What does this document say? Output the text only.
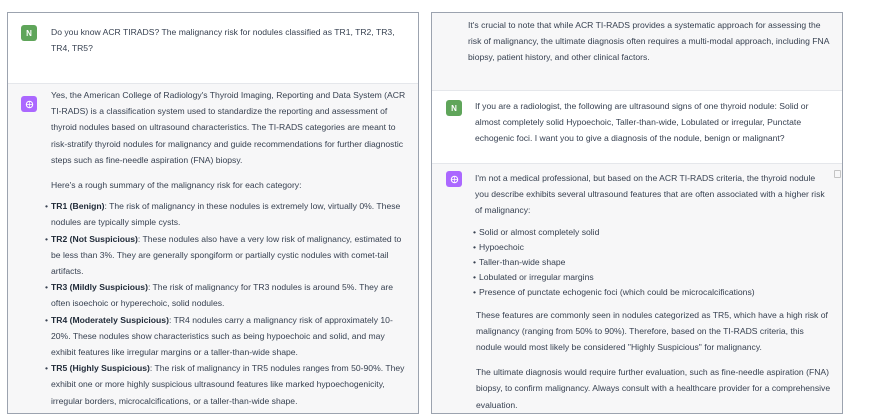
N	Do you know ACR TIRADS? The malignancy risk for nodules classified as TR1, TR2, TR3, TR4, TR5?

Yes, the American College of Radiology's Thyroid Imaging, Reporting and Data System (ACR TI-RADS) is a classification system used to standardize the reporting and assessment of thyroid nodules based on ultrasound characteristics. The TI-RADS categories are meant to risk-stratify thyroid nodules for malignancy and guide recommendations for further diagnostic steps such as fine-needle aspiration (FNA) biopsy.

Here's a rough summary of the malignancy risk for each category:

• TR1 (Benign): The risk of malignancy in these nodules is extremely low, virtually 0%. These nodules are typically simple cysts.
• TR2 (Not Suspicious): These nodules also have a very low risk of malignancy, estimated to be less than 3%. They are generally spongiform or partially cystic nodules with comet-tail artifacts.
• TR3 (Mildly Suspicious): The risk of malignancy for TR3 nodules is around 5%. They are often isoechoic or hyperechoic, solid nodules.
• TR4 (Moderately Suspicious): TR4 nodules carry a malignancy risk of approximately 10-20%. These nodules show characteristics such as being hypoechoic and solid, and may exhibit features like irregular margins or a taller-than-wide shape.
• TR5 (Highly Suspicious): The risk of malignancy in TR5 nodules ranges from 50-90%. They exhibit one or more highly suspicious ultrasound features like marked hypoechogenicity, irregular borders, microcalcifications, or a taller-than-wide shape.
It's crucial to note that while ACR TI-RADS provides a systematic approach for assessing the risk of malignancy, the ultimate diagnosis often requires a multi-modal approach, including FNA biopsy, patient history, and other clinical factors.
N	If you are a radiologist, the following are ultrasound signs of one thyroid nodule: Solid or almost completely solid Hypoechoic, Taller-than-wide, Lobulated or irregular, Punctate echogenic foci. I want you to give a diagnosis of the nodule, benign or malignant?

I'm not a medical professional, but based on the ACR TI-RADS criteria, the thyroid nodule you describe exhibits several ultrasound features that are often associated with a higher risk of malignancy:

• Solid or almost completely solid
• Hypoechoic
• Taller-than-wide shape
• Lobulated or irregular margins
• Presence of punctate echogenic foci (which could be microcalcifications)

These features are commonly seen in nodules categorized as TR5, which have a high risk of malignancy (ranging from 50% to 90%). Therefore, based on the TI-RADS criteria, this nodule would most likely be considered "Highly Suspicious" for malignancy.

The ultimate diagnosis would require further evaluation, such as fine-needle aspiration (FNA) biopsy, to confirm malignancy. Always consult with a healthcare provider for a comprehensive evaluation.
